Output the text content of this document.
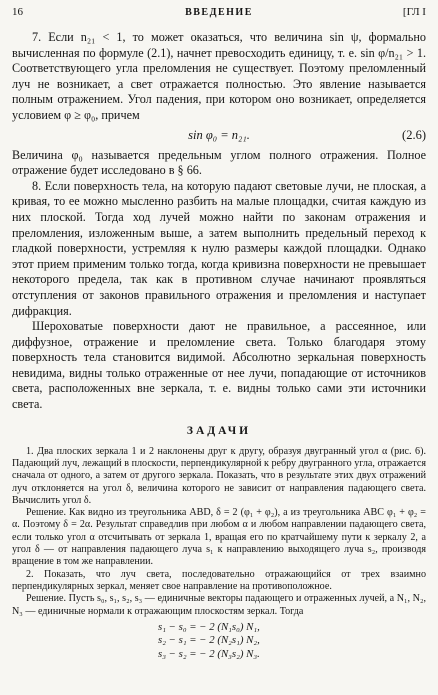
16	ВВЕДЕНИЕ	[ГЛ I

7. Если n₂₁ < 1, то может оказаться, что величина sin ψ, формально вычисленная по формуле (2.1), начнет превосходить единицу, т. е. sin φ/n₂₁ > 1. Соответствующего угла преломления не существует. Поэтому преломленный луч не возникает, а свет отражается полностью. Это явление называется полным отражением. Угол падения, при котором оно возникает, определяется условием φ ≥ φ₀, причем

sin φ₀ = n₂₁.	(2.6)

Величина φ₀ называется предельным углом полного отражения. Полное отражение будет исследовано в § 66.

8. Если поверхность тела, на которую падают световые лучи, не плоская, а кривая, то ее можно мысленно разбить на малые площадки, считая каждую из них плоской. Тогда ход лучей можно найти по законам отражения и преломления, изложенным выше, а затем выполнить предельный переход к гладкой поверхности, устремляя к нулю размеры каждой площадки. Однако этот прием применим только тогда, когда кривизна поверхности не превышает некоторого предела, так как в противном случае начинают проявляться отступления от законов правильного отражения и преломления и наступает дифракция.

Шероховатые поверхности дают не правильное, а рассеянное, или диффузное, отражение и преломление света. Только благодаря этому поверхность тела становится видимой. Абсолютно зеркальная поверхность невидима, видны только отраженные от нее лучи, попадающие от источников света, расположенных вне зеркала, т. е. видны только сами эти источники света.

ЗАДАЧИ

1. Два плоских зеркала 1 и 2 наклонены друг к другу, образуя двугранный угол α (рис. 6). Падающий луч, лежащий в плоскости, перпендикулярной к ребру двугранного угла, отражается сначала от одного, а затем от другого зеркала. Показать, что в результате этих двух отражений луч отклоняется на угол δ, величина которого не зависит от направления падающего света. Вычислить угол δ.

Решение. Как видно из треугольника ABD, δ = 2 (φ₁ + φ₂), а из треугольника ABC φ₁ + φ₂ = α. Поэтому δ = 2α. Результат справедлив при любом α и любом направлении падающего света, если только угол α отсчитывать от зеркала 1, вращая его по кратчайшему пути к зеркалу 2, а угол δ — от направления падающего луча s₁ к направлению выходящего луча s₂, производя вращение в том же направлении.

2. Показать, что луч света, последовательно отражающийся от трех взаимно перпендикулярных зеркал, меняет свое направление на противоположное.

Решение. Пусть s₀, s₁, s₂, s₃ — единичные векторы падающего и отраженных лучей, а N₁, N₂, N₃ — единичные нормали к отражающим плоскостям зеркал. Тогда

s₁ − s₀ = − 2 (N₁s₀) N₁,
s₂ − s₁ = − 2 (N₂s₁) N₂,
s₃ − s₂ = − 2 (N₃s₂) N₃.
